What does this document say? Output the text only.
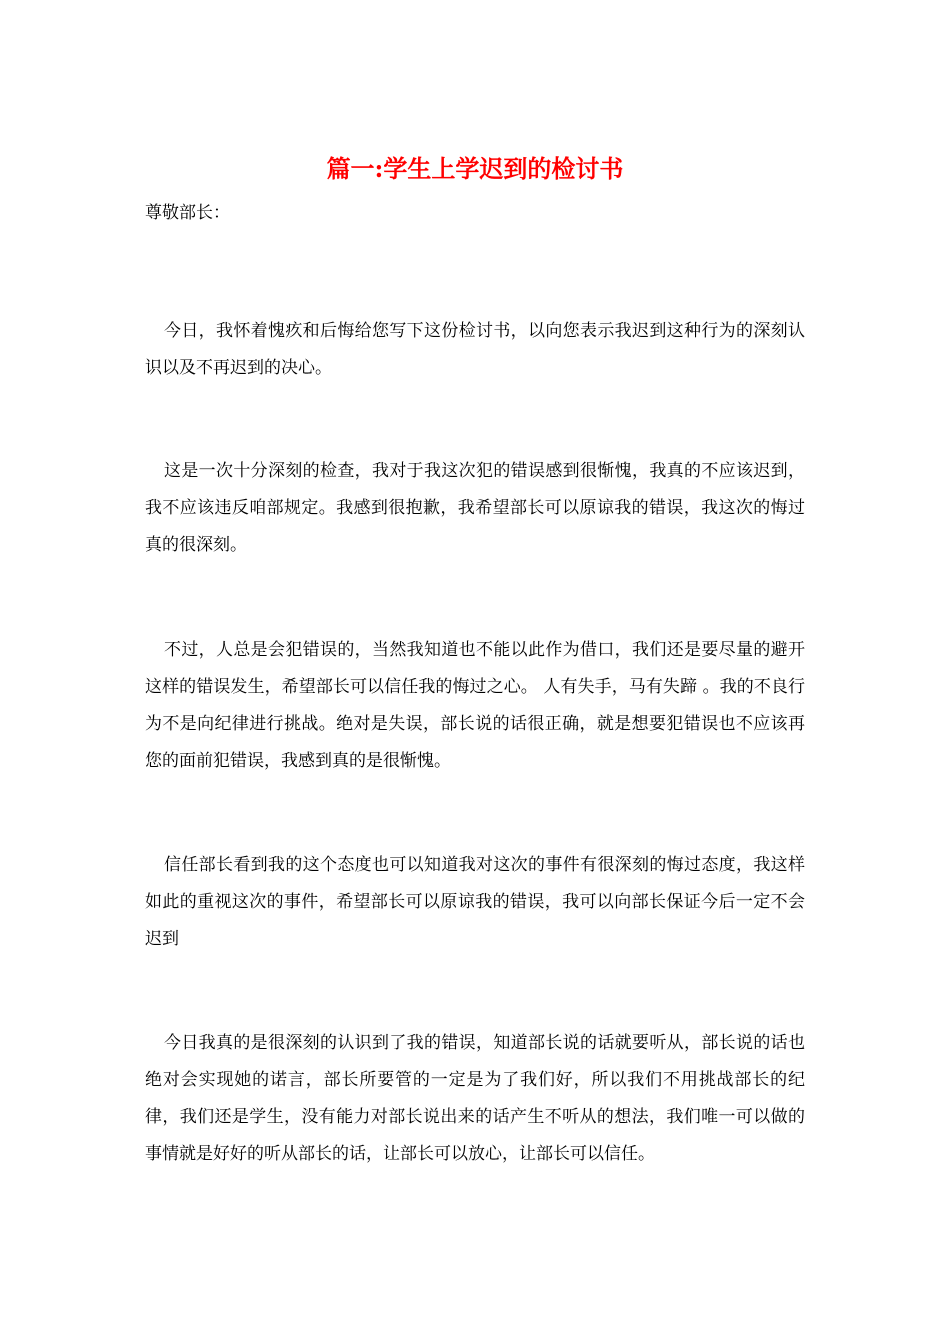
篇一:学生上学迟到的检讨书
尊敬部长：

今日，我怀着愧疚和后悔给您写下这份检讨书，以向您表示我迟到这种行为的深刻认识以及不再迟到的决心。

这是一次十分深刻的检查，我对于我这次犯的错误感到很惭愧，我真的不应该迟到，我不应该违反咱部规定。我感到很抱歉，我希望部长可以原谅我的错误，我这次的悔过真的很深刻。

不过，人总是会犯错误的，当然我知道也不能以此作为借口，我们还是要尽量的避开这样的错误发生，希望部长可以信任我的悔过之心。 人有失手，马有失蹄 。我的不良行为不是向纪律进行挑战。绝对是失误，部长说的话很正确，就是想要犯错误也不应该再您的面前犯错误，我感到真的是很惭愧。

信任部长看到我的这个态度也可以知道我对这次的事件有很深刻的悔过态度，我这样如此的重视这次的事件，希望部长可以原谅我的错误，我可以向部长保证今后一定不会迟到

今日我真的是很深刻的认识到了我的错误，知道部长说的话就要听从，部长说的话也绝对会实现她的诺言，部长所要管的一定是为了我们好，所以我们不用挑战部长的纪律，我们还是学生，没有能力对部长说出来的话产生不听从的想法，我们唯一可以做的事情就是好好的听从部长的话，让部长可以放心，让部长可以信任。
